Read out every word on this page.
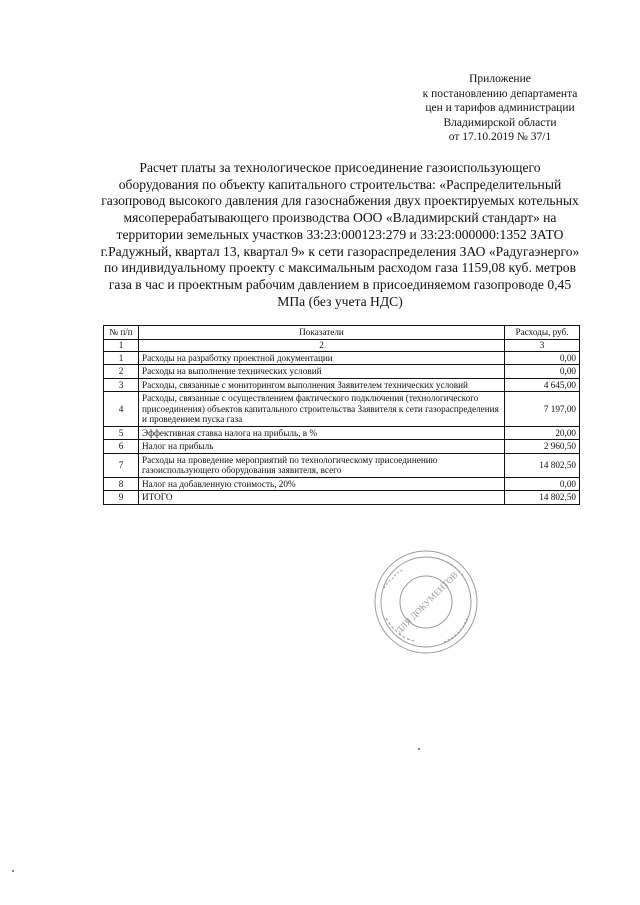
Приложение
к постановлению департамента
цен и тарифов администрации
Владимирской области
от 17.10.2019 № 37/1
Расчет платы за технологическое присоединение газоиспользующего
оборудования по объекту капитального строительства: «Распределительный
газопровод высокого давления для газоснабжения двух проектируемых котельных
мясоперерабатывающего производства ООО «Владимирский стандарт» на
территории земельных участков 33:23:000123:279 и 33:23:000000:1352 ЗАТО
г.Радужный, квартал 13, квартал 9» к сети газораспределения ЗАО «Радугаэнерго»
по индивидуальному проекту с максимальным расходом газа 1159,08 куб. метров
газа в час и проектным рабочим давлением в присоединяемом газопроводе 0,45
МПа (без учета НДС)
№ п/п	Показатели	Расходы, руб.
1	2	3
1	Расходы на разработку проектной документации	0,00
2	Расходы на выполнение технических условий	0,00
3	Расходы, связанные с мониторингом выполнения Заявителем технических условий	4 645,00
4	Расходы, связанные с осуществлением фактического подключения (технологического присоединения) объектов капитального строительства Заявителя к сети газораспределения и проведением пуска газа	7 197,00
5	Эффективная ставка налога на прибыль, в %	20,00
6	Налог на прибыль	2 960,50
7	Расходы на проведение мероприятий по технологическому присоединению газоиспользующего оборудования заявителя, всего	14 802,50
8	Налог на добавленную стоимость, 20%	0,00
9	ИТОГО	14 802,50
ДЛЯ ДОКУМЕНТОВ
